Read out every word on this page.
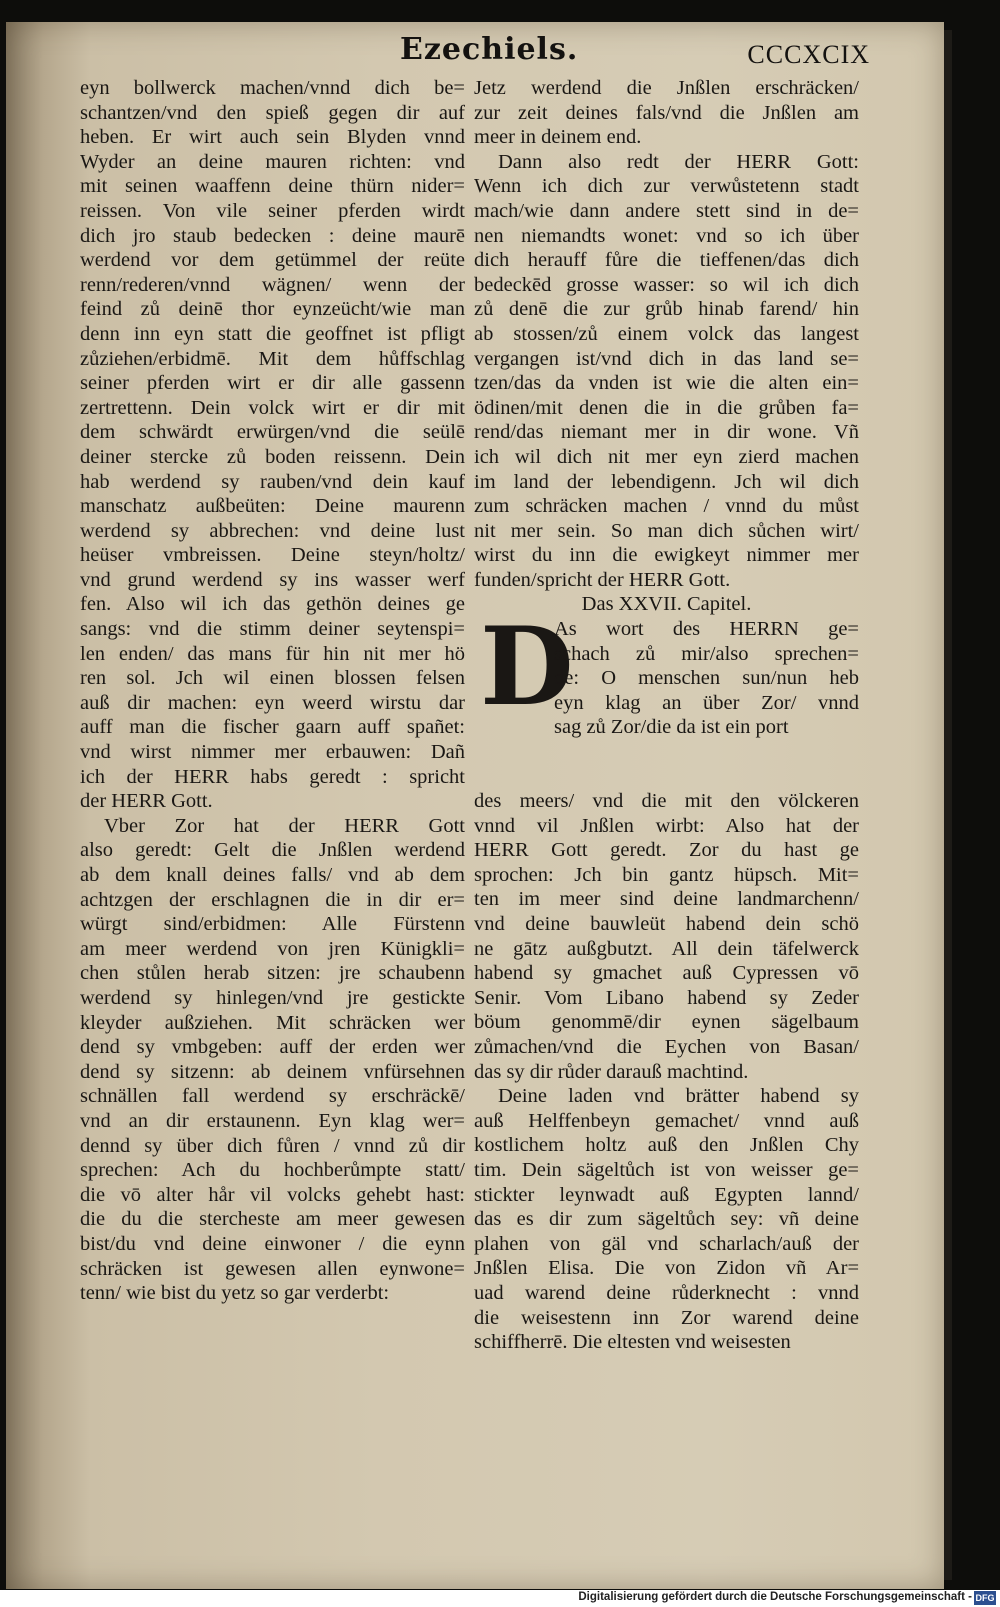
Ezechiels.	CCCXCIX
eyn bollwerck machen/vnnd dich be=
schantzen/vnd den spieß gegen dir auf
heben. Er wirt auch sein Blyden vnnd
Wyder an deine mauren richten: vnd
mit seinen waaffenn deine thürn nider=
reissen. Von vile seiner pferden wirdt
dich jro staub bedecken : deine maurē
werdend vor dem getümmel der reüte
renn/rederen/vnnd wägnen/ wenn der
feind zů deinē thor eynzeücht/wie man
denn inn eyn statt die geoffnet ist pfligt
zůziehen/erbidmē. Mit dem hůffschlag
seiner pferden wirt er dir alle gassenn
zertrettenn. Dein volck wirt er dir mit
dem schwärdt erwürgen/vnd die seülē
deiner stercke zů boden reissenn. Dein
hab werdend sy rauben/vnd dein kauf
manschatz außbeüten: Deine maurenn
werdend sy abbrechen: vnd deine lust
heüser vmbreissen. Deine steyn/holtz/
vnd grund werdend sy ins wasser werf
fen. Also wil ich das gethön deines ge
sangs: vnd die stimm deiner seytenspi=
len enden/ das mans für hin nit mer hö
ren sol. Jch wil einen blossen felsen
auß dir machen: eyn weerd wirstu dar
auff man die fischer gaarn auff spañet:
vnd wirst nimmer mer erbauwen: Dañ
ich der HERR habs geredt : spricht
der HERR Gott.
Vber Zor hat der HERR Gott
also geredt: Gelt die Jnßlen werdend
ab dem knall deines falls/ vnd ab dem
achtzgen der erschlagnen die in dir er=
würgt sind/erbidmen: Alle Fürstenn
am meer werdend von jren Künigkli=
chen stůlen herab sitzen: jre schaubenn
werdend sy hinlegen/vnd jre gestickte
kleyder außziehen. Mit schräcken wer
dend sy vmbgeben: auff der erden wer
dend sy sitzenn: ab deinem vnfürsehnen
schnällen fall werdend sy erschräckē/
vnd an dir erstaunenn. Eyn klag wer=
dennd sy über dich fůren / vnnd zů dir
sprechen: Ach du hochberůmpte statt/
die vō alter hår vil volcks gehebt hast:
die du die stercheste am meer gewesen
bist/du vnd deine einwoner / die eynn
schräcken ist gewesen allen eynwone=
tenn/ wie bist du yetz so gar verderbt:
Jetz werdend die Jnßlen erschräcken/
zur zeit deines fals/vnd die Jnßlen am
meer in deinem end.
Dann also redt der HERR Gott:
Wenn ich dich zur verwůstetenn stadt
mach/wie dann andere stett sind in de=
nen niemandts wonet: vnd so ich über
dich herauff fůre die tieffenen/das dich
bedeckēd grosse wasser: so wil ich dich
zů denē die zur grůb hinab farend/ hin
ab stossen/zů einem volck das langest
vergangen ist/vnd dich in das land se=
tzen/das da vnden ist wie die alten ein=
ödinen/mit denen die in die grůben fa=
rend/das niemant mer in dir wone. Vñ
ich wil dich nit mer eyn zierd machen
im land der lebendigenn. Jch wil dich
zum schräcken machen / vnnd du můst
nit mer sein. So man dich sůchen wirt/
wirst du inn die ewigkeyt nimmer mer
funden/spricht der HERR Gott.
Das XXVII. Capitel.
D
As wort des HERRN ge=
schach zů mir/also sprechen=
de: O menschen sun/nun heb
eyn klag an über Zor/ vnnd
sag zů Zor/die da ist ein port
des meers/ vnd die mit den völckeren
vnnd vil Jnßlen wirbt: Also hat der
HERR Gott geredt. Zor du hast ge
sprochen: Jch bin gantz hüpsch. Mit=
ten im meer sind deine landmarchenn/
vnd deine bauwleüt habend dein schö
ne gātz außgbutzt. All dein täfelwerck
habend sy gmachet auß Cypressen vō
Senir. Vom Libano habend sy Zeder
böum genommē/dir eynen sägelbaum
zůmachen/vnd die Eychen von Basan/
das sy dir růder darauß machtind.
Deine laden vnd brätter habend sy
auß Helffenbeyn gemachet/ vnnd auß
kostlichem holtz auß den Jnßlen Chy
tim. Dein sägeltůch ist von weisser ge=
stickter leynwadt auß Egypten lannd/
das es dir zum sägeltůch sey: vñ deine
plahen von gäl vnd scharlach/auß der
Jnßlen Elisa. Die von Zidon vñ Ar=
uad warend deine růderknecht : vnnd
die weisestenn inn Zor warend deine
schiffherrē. Die eltesten vnd weisesten
Digitalisierung gefördert durch die Deutsche Forschungsgemeinschaft - DFG
